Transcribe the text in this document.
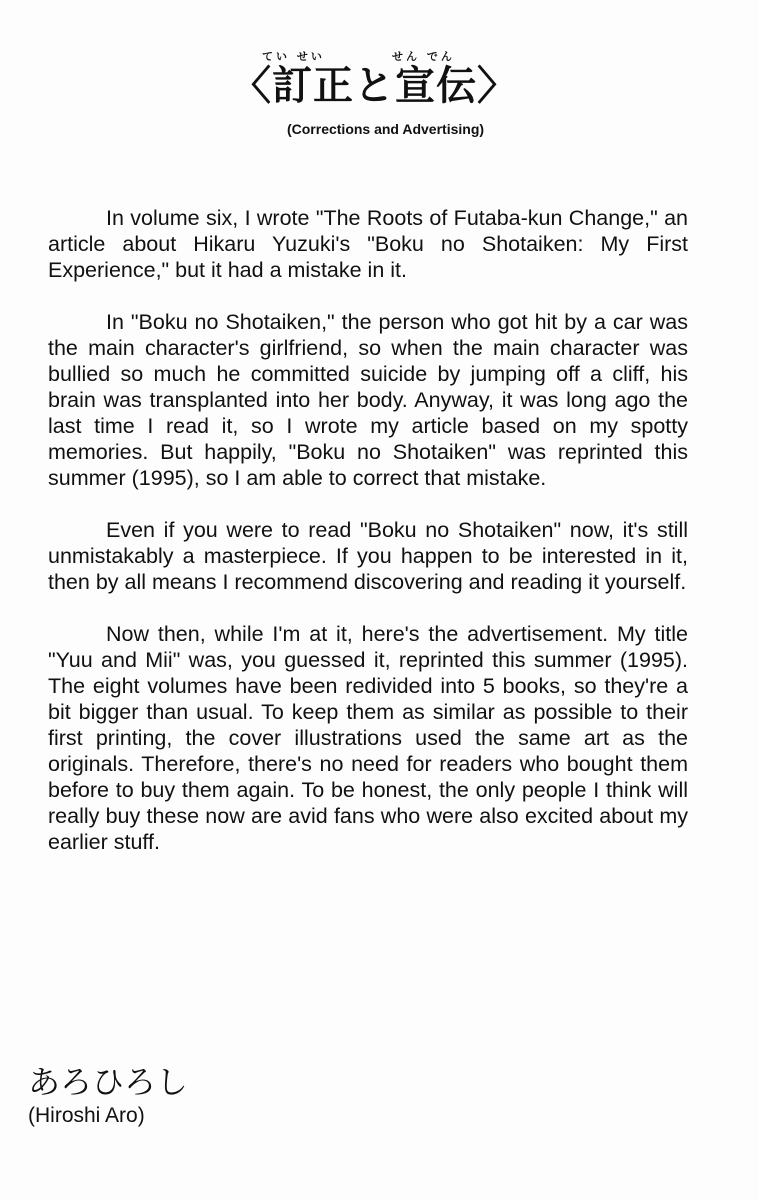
てい せい	せん でん
〈訂正と宣伝〉
(Corrections and Advertising)

In volume six, I wrote "The Roots of Futaba-kun Change," an article about Hikaru Yuzuki's "Boku no Shotaiken: My First Experience," but it had a mistake in it.

In "Boku no Shotaiken," the person who got hit by a car was the main character's girlfriend, so when the main character was bullied so much he committed suicide by jumping off a cliff, his brain was transplanted into her body. Anyway, it was long ago the last time I read it, so I wrote my article based on my spotty memories. But happily, "Boku no Shotaiken" was reprinted this summer (1995), so I am able to correct that mistake.

Even if you were to read "Boku no Shotaiken" now, it's still unmistakably a masterpiece. If you happen to be interested in it, then by all means I recommend discovering and reading it yourself.

Now then, while I'm at it, here's the advertisement. My title "Yuu and Mii" was, you guessed it, reprinted this summer (1995). The eight volumes have been redivided into 5 books, so they're a bit bigger than usual. To keep them as similar as possible to their first printing, the cover illustrations used the same art as the originals. Therefore, there's no need for readers who bought them before to buy them again. To be honest, the only people I think will really buy these now are avid fans who were also excited about my earlier stuff.

あろひろし
(Hiroshi Aro)
